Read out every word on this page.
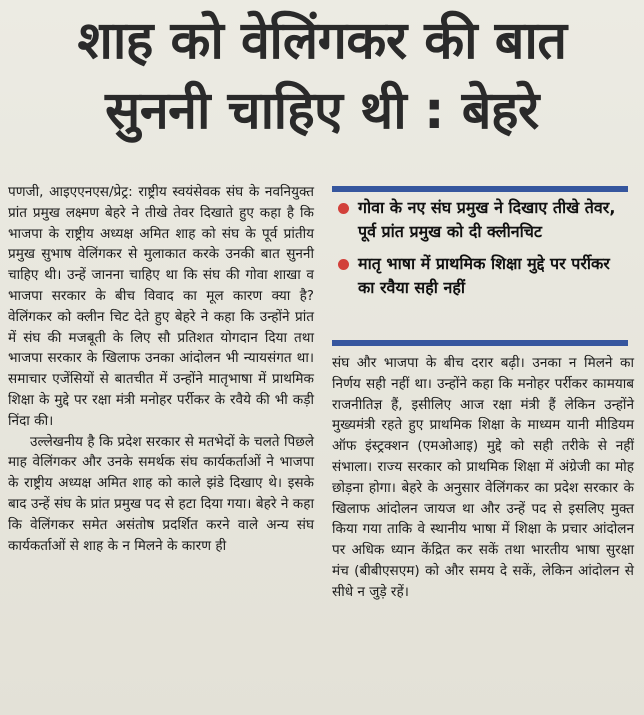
शाह को वेलिंगकर की बात
सुननी चाहिए थी : बेहरे

पणजी, आइएएनएस/प्रेट्र: राष्ट्रीय स्वयंसेवक संघ के नवनियुक्त प्रांत प्रमुख लक्ष्मण बेहरे ने तीखे तेवर दिखाते हुए कहा है कि भाजपा के राष्ट्रीय अध्यक्ष अमित शाह को संघ के पूर्व प्रांतीय प्रमुख सुभाष वेलिंगकर से मुलाकात करके उनकी बात सुननी चाहिए थी। उन्हें जानना चाहिए था कि संघ की गोवा शाखा व भाजपा सरकार के बीच विवाद का मूल कारण क्या है? वेलिंगकर को क्लीन चिट देते हुए बेहरे ने कहा कि उन्होंने प्रांत में संघ की मजबूती के लिए सौ प्रतिशत योगदान दिया तथा भाजपा सरकार के खिलाफ उनका आंदोलन भी न्यायसंगत था। समाचार एजेंसियों से बातचीत में उन्होंने मातृभाषा में प्राथमिक शिक्षा के मुद्दे पर रक्षा मंत्री मनोहर पर्रीकर के रवैये की भी कड़ी निंदा की।

उल्लेखनीय है कि प्रदेश सरकार से मतभेदों के चलते पिछले माह वेलिंगकर और उनके समर्थक संघ कार्यकर्ताओं ने भाजपा के राष्ट्रीय अध्यक्ष अमित शाह को काले झंडे दिखाए थे। इसके बाद उन्हें संघ के प्रांत प्रमुख पद से हटा दिया गया। बेहरे ने कहा कि वेलिंगकर समेत असंतोष प्रदर्शित करने वाले अन्य संघ कार्यकर्ताओं से शाह के न मिलने के कारण ही

गोवा के नए संघ प्रमुख ने दिखाए तीखे तेवर, पूर्व प्रांत प्रमुख को दी क्लीनचिट
मातृ भाषा में प्राथमिक शिक्षा मुद्दे पर पर्रीकर का रवैया सही नहीं

संघ और भाजपा के बीच दरार बढ़ी। उनका न मिलने का निर्णय सही नहीं था। उन्होंने कहा कि मनोहर पर्रीकर कामयाब राजनीतिज्ञ हैं, इसीलिए आज रक्षा मंत्री हैं लेकिन उन्होंने मुख्यमंत्री रहते हुए प्राथमिक शिक्षा के माध्यम यानी मीडियम ऑफ इंस्ट्रक्शन (एमओआइ) मुद्दे को सही तरीके से नहीं संभाला। राज्य सरकार को प्राथमिक शिक्षा में अंग्रेजी का मोह छोड़ना होगा। बेहरे के अनुसार वेलिंगकर का प्रदेश सरकार के खिलाफ आंदोलन जायज था और उन्हें पद से इसलिए मुक्त किया गया ताकि वे स्थानीय भाषा में शिक्षा के प्रचार आंदोलन पर अधिक ध्यान केंद्रित कर सकें तथा भारतीय भाषा सुरक्षा मंच (बीबीएसएम) को और समय दे सकें, लेकिन आंदोलन से सीधे न जुड़े रहें।
